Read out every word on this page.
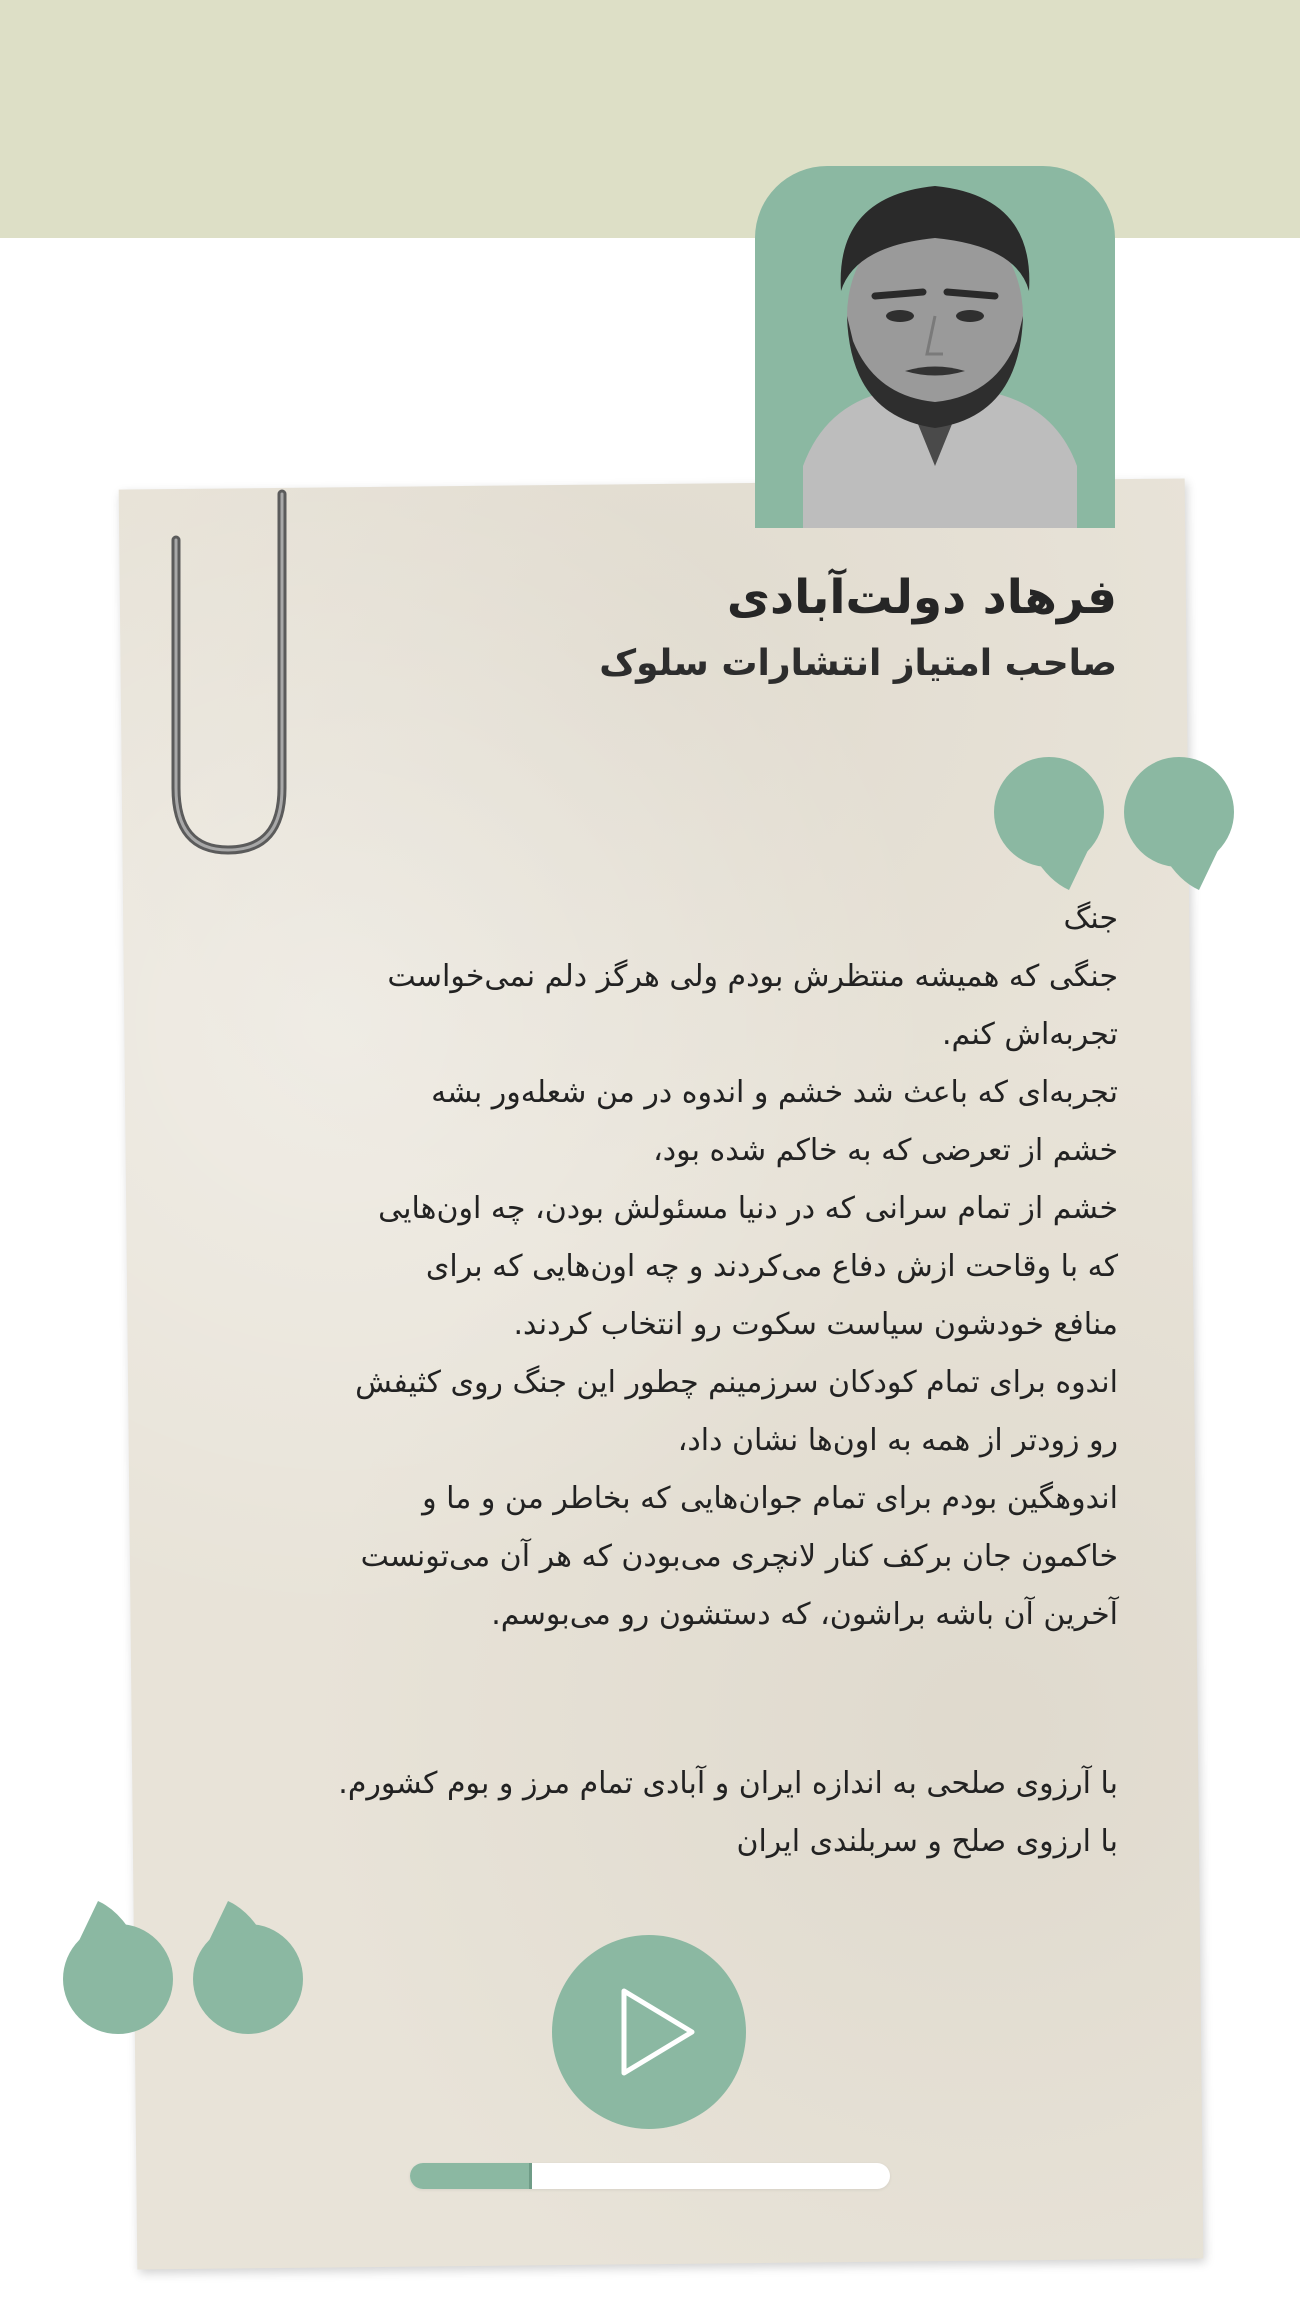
فرهاد دولت‌آبادی
صاحب امتیاز انتشارات سلوک
جنگ
جنگی که همیشه منتظرش بودم ولی هرگز دلم نمی‌خواست
تجربه‌اش کنم.
تجربه‌ای که باعث شد خشم و اندوه در من شعله‌ور بشه
خشم از تعرضی که به خاکم شده بود،
خشم از تمام سرانی که در دنیا مسئولش بودن، چه اون‌هایی
که با وقاحت ازش دفاع می‌کردند و چه اون‌هایی که برای
منافع خودشون سیاست سکوت رو انتخاب کردند.
اندوه برای تمام کودکان سرزمینم چطور این جنگ روی کثیفش
رو زودتر از همه به اون‌ها نشان داد،
اندوهگین بودم برای تمام جوان‌هایی که بخاطر من و ما و
خاکمون جان برکف کنار لانچری می‌بودن که هر آن می‌تونست
آخرین آن باشه براشون، که دستشون رو می‌بوسم.
با آرزوی صلحی به اندازه ایران و آبادی تمام مرز و بوم کشورم.
با ارزوی صلح و سربلندی ایران
